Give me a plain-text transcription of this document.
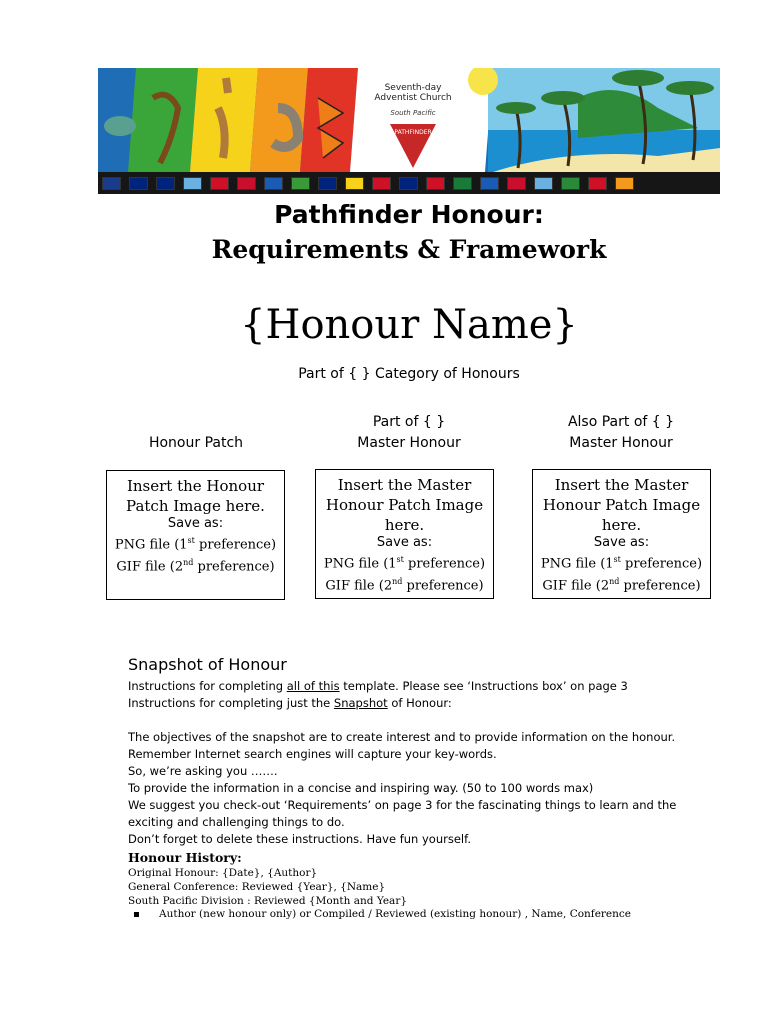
Seventh-day
Adventist Church
South Pacific
PATHFINDER
Pathfinder Honour:
Requirements & Framework
{Honour Name}
Part of { } Category of Honours

Honour Patch
Part of { }
Master Honour
Also Part of { }
Master Honour
Insert the Honour
Patch Image here.
Save as:
PNG file (1st preference)
GIF file (2nd preference)
Insert the Master
Honour Patch Image
here.
Save as:
PNG file (1st preference)
GIF file (2nd preference)
Insert the Master
Honour Patch Image
here.
Save as:
PNG file (1st preference)
GIF file (2nd preference)
Snapshot of Honour
Instructions for completing all of this template. Please see ‘Instructions box’ on page 3
Instructions for completing just the Snapshot of Honour:
The objectives of the snapshot are to create interest and to provide information on the honour. Remember Internet search engines will capture your key-words.
So, we’re asking you …….
To provide the information in a concise and inspiring way. (50 to 100 words max)
We suggest you check-out ‘Requirements’ on page 3 for the fascinating things to learn and the exciting and challenging things to do.
Don’t forget to delete these instructions. Have fun yourself.
Honour History:
Original Honour: {Date}, {Author}
General Conference: Reviewed {Year}, {Name}
South Pacific Division : Reviewed {Month and Year}
Author (new honour only) or Compiled / Reviewed (existing honour) , Name, Conference
